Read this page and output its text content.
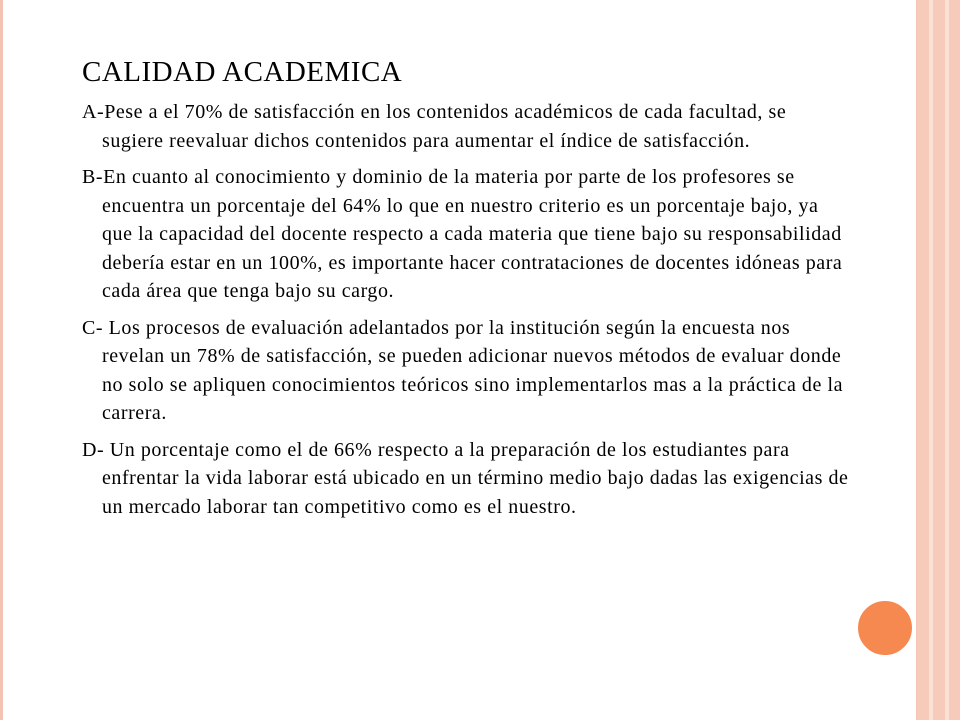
CALIDAD ACADEMICA
A-Pese a el 70% de satisfacción en los contenidos académicos de cada facultad, se sugiere reevaluar dichos contenidos para aumentar el índice de satisfacción.
B-En cuanto al conocimiento y dominio de la materia por parte de los profesores se encuentra un porcentaje del 64% lo que en nuestro criterio es un porcentaje bajo, ya que la capacidad del docente respecto a cada materia que tiene bajo su responsabilidad debería estar en un 100%, es importante hacer contrataciones de docentes idóneas para cada área que tenga bajo su cargo.
C- Los procesos de evaluación adelantados por la institución según la encuesta nos revelan un 78% de satisfacción, se pueden adicionar nuevos métodos de evaluar donde no solo se apliquen conocimientos teóricos sino implementarlos mas a la práctica de la carrera.
D- Un porcentaje como el de 66% respecto a la preparación de los estudiantes para enfrentar la vida laborar está ubicado en un término medio bajo dadas las exigencias de un mercado laborar tan competitivo como es el nuestro.
